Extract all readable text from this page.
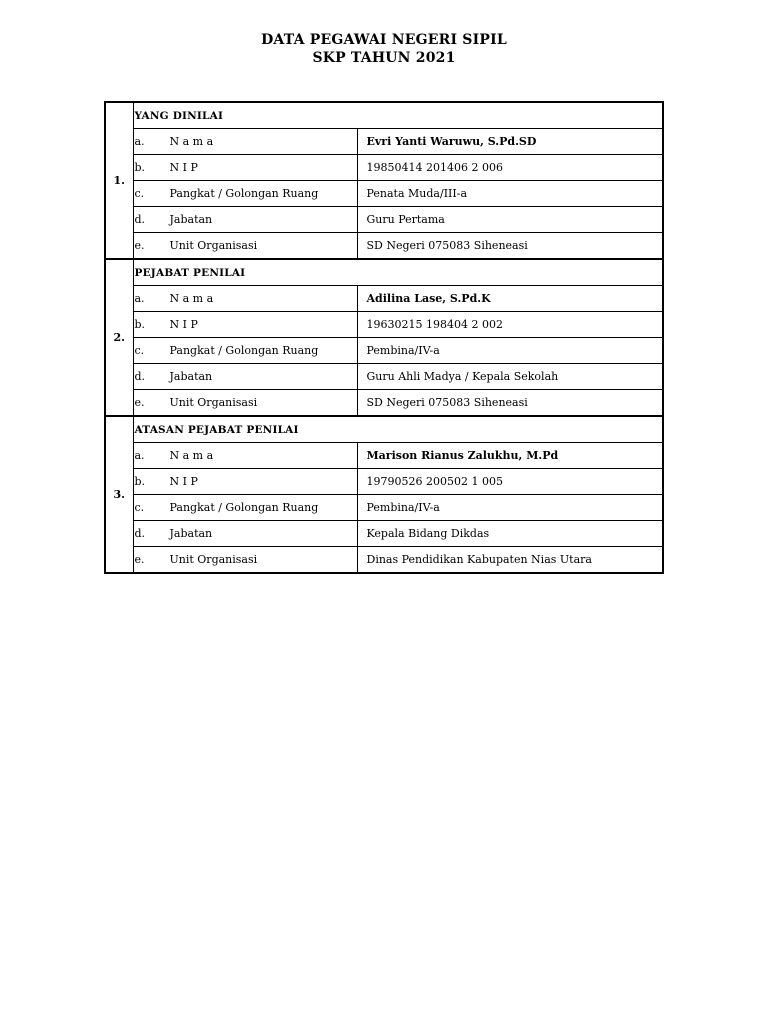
DATA PEGAWAI NEGERI SIPIL
SKP TAHUN 2021
1.	YANG DINILAI	
	a. N a m a	Evri Yanti Waruwu, S.Pd.SD
	b. N I P	19850414 201406 2 006
	c. Pangkat / Golongan Ruang	Penata Muda/III-a
	d. Jabatan	Guru Pertama
	e. Unit Organisasi	SD Negeri 075083 Siheneasi

2.	PEJABAT PENILAI	
	a. N a m a	Adilina Lase, S.Pd.K
	b. N I P	19630215 198404 2 002
	c. Pangkat / Golongan Ruang	Pembina/IV-a
	d. Jabatan	Guru Ahli Madya / Kepala Sekolah
	e. Unit Organisasi	SD Negeri 075083 Siheneasi

3.	ATASAN PEJABAT PENILAI	
	a. N a m a	Marison Rianus Zalukhu, M.Pd
	b. N I P	19790526 200502 1 005
	c. Pangkat / Golongan Ruang	Pembina/IV-a
	d. Jabatan	Kepala Bidang Dikdas
	e. Unit Organisasi	Dinas Pendidikan Kabupaten Nias Utara
